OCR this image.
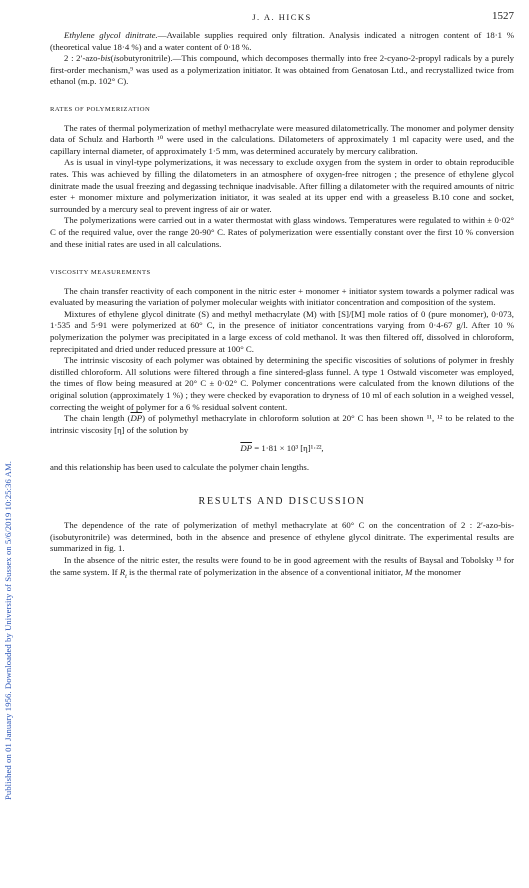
Published on 01 January 1956. Downloaded by University of Sussex on 5/6/2019 10:25:36 AM.
J. A. HICKS	1527

Ethylene glycol dinitrate.—Available supplies required only filtration. Analysis indicated a nitrogen content of 18·1 % (theoretical value 18·4 %) and a water content of 0·18 %.

2 : 2′-azo-bis(isobutyronitrile).—This compound, which decomposes thermally into free 2-cyano-2-propyl radicals by a purely first-order mechanism,⁹ was used as a polymerization initiator. It was obtained from Genatosan Ltd., and recrystallized twice from ethanol (m.p. 102° C).

RATES OF POLYMERIZATION

The rates of thermal polymerization of methyl methacrylate were measured dilatometrically. The monomer and polymer density data of Schulz and Harborth ¹⁰ were used in the calculations. Dilatometers of approximately 1 ml capacity were used, and the capillary internal diameter, of approximately 1·5 mm, was determined accurately by mercury calibration.

As is usual in vinyl-type polymerizations, it was necessary to exclude oxygen from the system in order to obtain reproducible rates. This was achieved by filling the dilatometers in an atmosphere of oxygen-free nitrogen ; the presence of ethylene glycol dinitrate made the usual freezing and degassing technique inadvisable. After filling a dilatometer with the required amounts of nitric ester + monomer mixture and polymerization initiator, it was sealed at its upper end with a greaseless B.10 cone and socket, surrounded by a mercury seal to prevent ingress of air or water.

The polymerizations were carried out in a water thermostat with glass windows. Temperatures were regulated to within ± 0·02° C of the required value, over the range 20-90° C. Rates of polymerization were essentially constant over the first 10 % conversion and these initial rates are used in all calculations.

VISCOSITY MEASUREMENTS

The chain transfer reactivity of each component in the nitric ester + monomer + initiator system towards a polymer radical was evaluated by measuring the variation of polymer molecular weights with initiator concentration and composition of the system.

Mixtures of ethylene glycol dinitrate (S) and methyl methacrylate (M) with [S]/[M] mole ratios of 0 (pure monomer), 0·073, 1·535 and 5·91 were polymerized at 60° C, in the presence of initiator concentrations varying from 0·4-67 g/l. After 10 % polymerization the polymer was precipitated in a large excess of cold methanol. It was then filtered off, dissolved in chloroform, reprecipitated and dried under reduced pressure at 100° C.

The intrinsic viscosity of each polymer was obtained by determining the specific viscosities of solutions of polymer in freshly distilled chloroform. All solutions were filtered through a fine sintered-glass funnel. A type 1 Ostwald viscometer was employed, the times of flow being measured at 20° C ± 0·02° C. Polymer concentrations were calculated from the known dilutions of the original solution (approximately 1 %) ; they were checked by evaporation to dryness of 10 ml of each solution in a weighed vessel, correcting the weight of polymer for a 6 % residual solvent content.

The chain length $(\overline{DP})$ of polymethyl methacrylate in chloroform solution at 20° C has been shown ¹¹, ¹² to be related to the intrinsic viscosity [η] of the solution by

$\overline{DP} = 1\cdot 81 \times 10^3$ [η]¹·²²,

and this relationship has been used to calculate the polymer chain lengths.

RESULTS AND DISCUSSION

The dependence of the rate of polymerization of methyl methacrylate at 60° C on the concentration of 2 : 2′-azo-bis-(isobutyronitrile) was determined, both in the absence and presence of ethylene glycol dinitrate. The experimental results are summarized in fig. 1.

In the absence of the nitric ester, the results were found to be in good agreement with the results of Baysal and Tobolsky ¹³ for the same system. If $R_t$ is the thermal rate of polymerization in the absence of a conventional initiator, M the monomer
